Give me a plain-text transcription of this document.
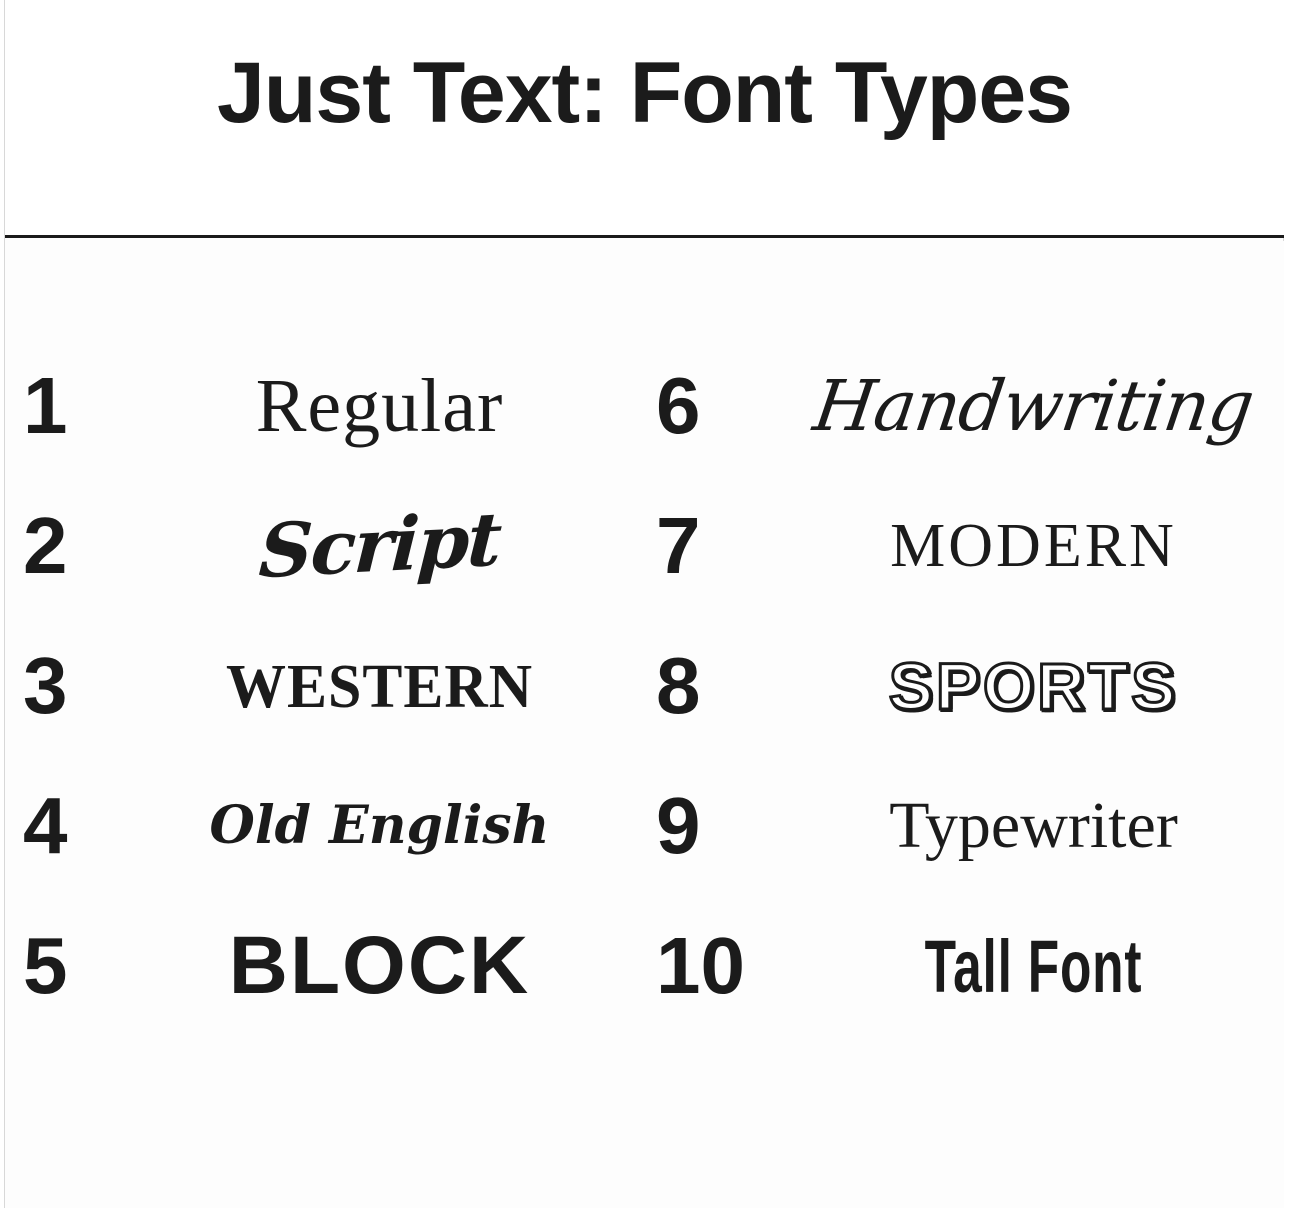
Just Text: Font Types
1	Regular
2	Script
3	WESTERN
4	Old English
5	BLOCK
6	Handwriting
7	MODERN
8	SPORTS
9	Typewriter
10	Tall Font
